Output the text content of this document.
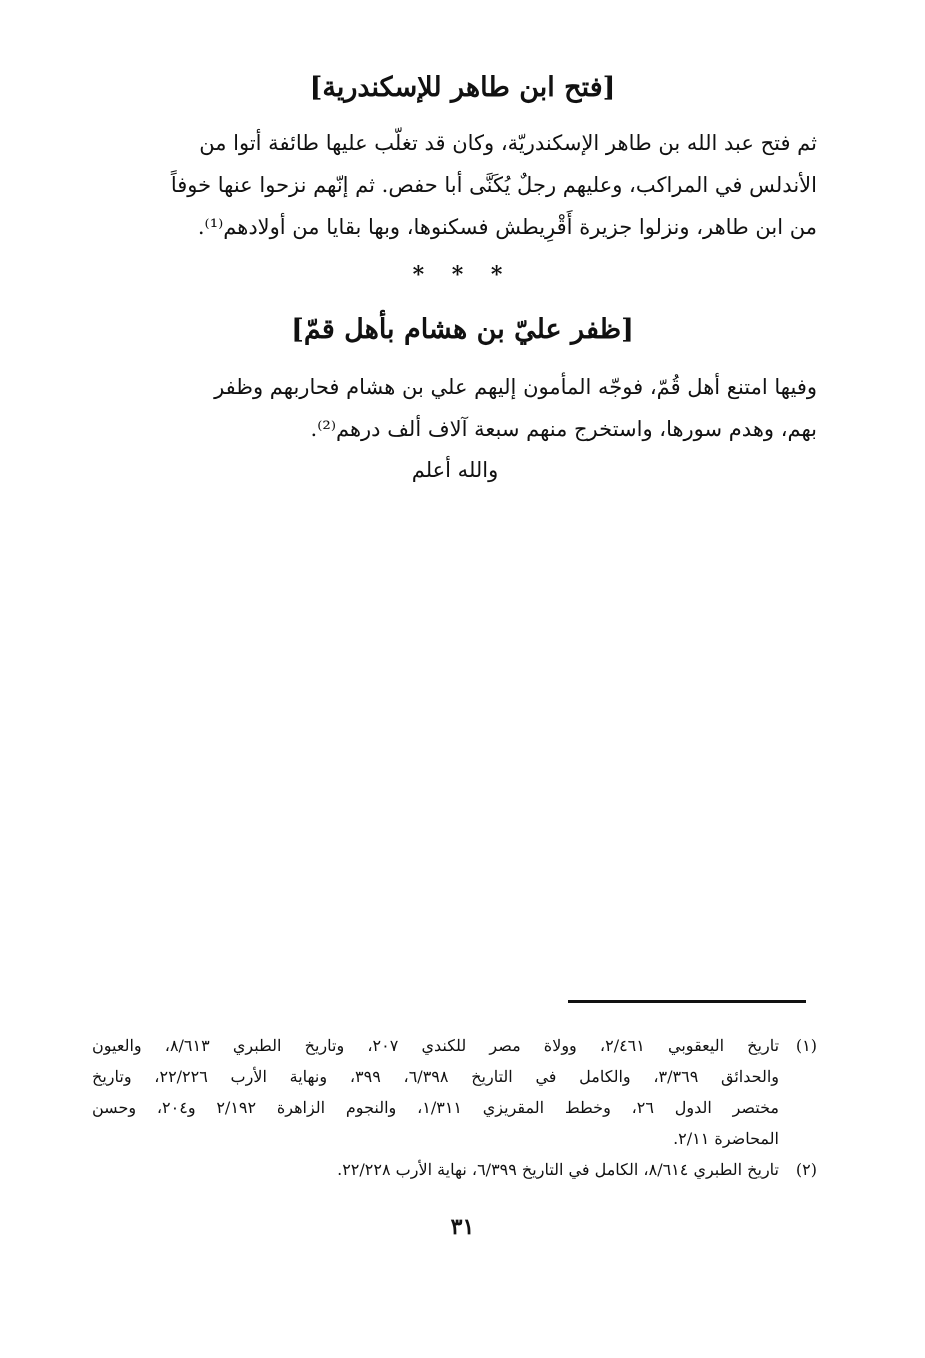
[فتح ابن طاهر للإسكندرية]
ثم فتح عبد الله بن طاهر الإسكندريّة، وكان قد تغلّب عليها طائفة أتوا من
الأندلس في المراكب، وعليهم رجلٌ يُكَنَّى أبا حفص. ثم إنّهم نزحوا عنها خوفاً
من ابن طاهر، ونزلوا جزيرة أَقْرِيطش فسكنوها، وبها بقايا من أولادهم⁽¹⁾.
* * *
[ظفر عليّ بن هشام بأهل قمّ]
وفيها امتنع أهل قُمّ، فوجّه المأمون إليهم علي بن هشام فحاربهم وظفر
بهم، وهدم سورها، واستخرج منهم سبعة آلاف ألف درهم⁽²⁾.
والله أعلم
(١)
تاريخ اليعقوبي ٢/٤٦١، وولاة مصر للكندي ٢٠٧، وتاريخ الطبري ٨/٦١٣، والعيون
والحدائق ٣/٣٦٩، والكامل في التاريخ ٦/٣٩٨، ٣٩٩، ونهاية الأرب ٢٢/٢٢٦، وتاريخ
مختصر الدول ٢٦، وخطط المقريزي ١/٣١١، والنجوم الزاهرة ٢/١٩٢ و٢٠٤، وحسن
المحاضرة ٢/١١.
(٢)
تاريخ الطبري ٨/٦١٤، الكامل في التاريخ ٦/٣٩٩، نهاية الأرب ٢٢/٢٢٨.
٣١
